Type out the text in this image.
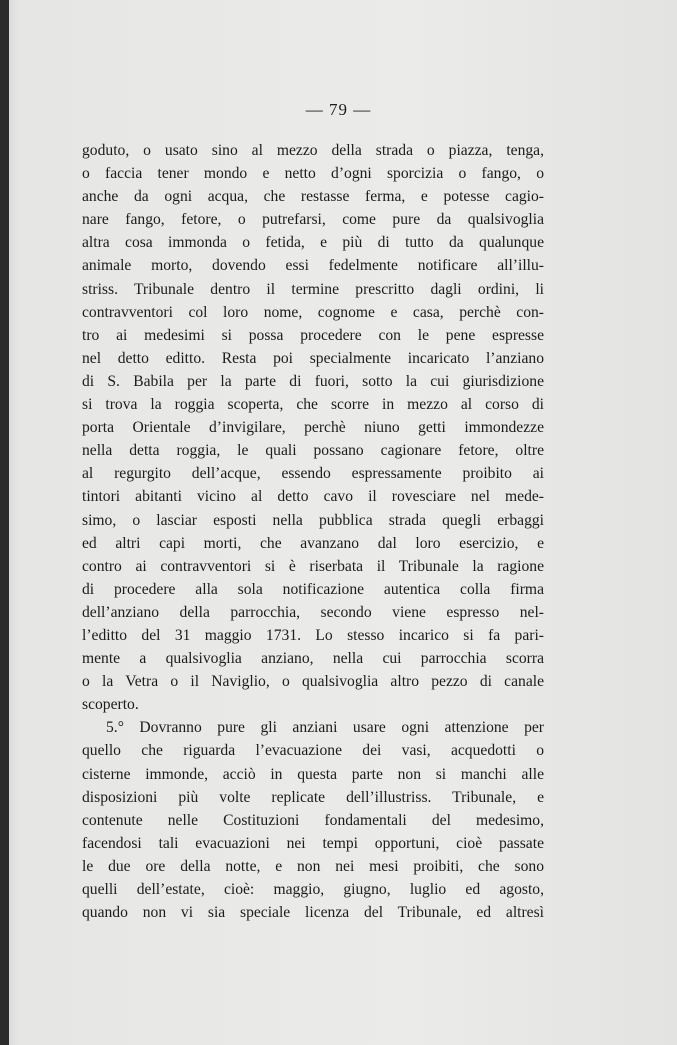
— 79 —
goduto, o usato sino al mezzo della strada o piazza, tenga,
o faccia tener mondo e netto d’ogni sporcizia o fango, o
anche da ogni acqua, che restasse ferma, e potesse cagio-
nare fango, fetore, o putrefarsi, come pure da qualsivoglia
altra cosa immonda o fetida, e più di tutto da qualunque
animale morto, dovendo essi fedelmente notificare all’illu-
striss. Tribunale dentro il termine prescritto dagli ordini, li
contravventori col loro nome, cognome e casa, perchè con-
tro ai medesimi si possa procedere con le pene espresse
nel detto editto. Resta poi specialmente incaricato l’anziano
di S. Babila per la parte di fuori, sotto la cui giurisdizione
si trova la roggia scoperta, che scorre in mezzo al corso di
porta Orientale d’invigilare, perchè niuno getti immondezze
nella detta roggia, le quali possano cagionare fetore, oltre
al regurgito dell’acque, essendo espressamente proibito ai
tintori abitanti vicino al detto cavo il rovesciare nel mede-
simo, o lasciar esposti nella pubblica strada quegli erbaggi
ed altri capi morti, che avanzano dal loro esercizio, e
contro ai contravventori si è riserbata il Tribunale la ragione
di procedere alla sola notificazione autentica colla firma
dell’anziano della parrocchia, secondo viene espresso nel-
l’editto del 31 maggio 1731. Lo stesso incarico si fa pari-
mente a qualsivoglia anziano, nella cui parrocchia scorra
o la Vetra o il Naviglio, o qualsivoglia altro pezzo di canale
scoperto.
5.° Dovranno pure gli anziani usare ogni attenzione per
quello che riguarda l’evacuazione dei vasi, acquedotti o
cisterne immonde, acciò in questa parte non si manchi alle
disposizioni più volte replicate dell’illustriss. Tribunale, e
contenute nelle Costituzioni fondamentali del medesimo,
facendosi tali evacuazioni nei tempi opportuni, cioè passate
le due ore della notte, e non nei mesi proibiti, che sono
quelli dell’estate, cioè: maggio, giugno, luglio ed agosto,
quando non vi sia speciale licenza del Tribunale, ed altresì
